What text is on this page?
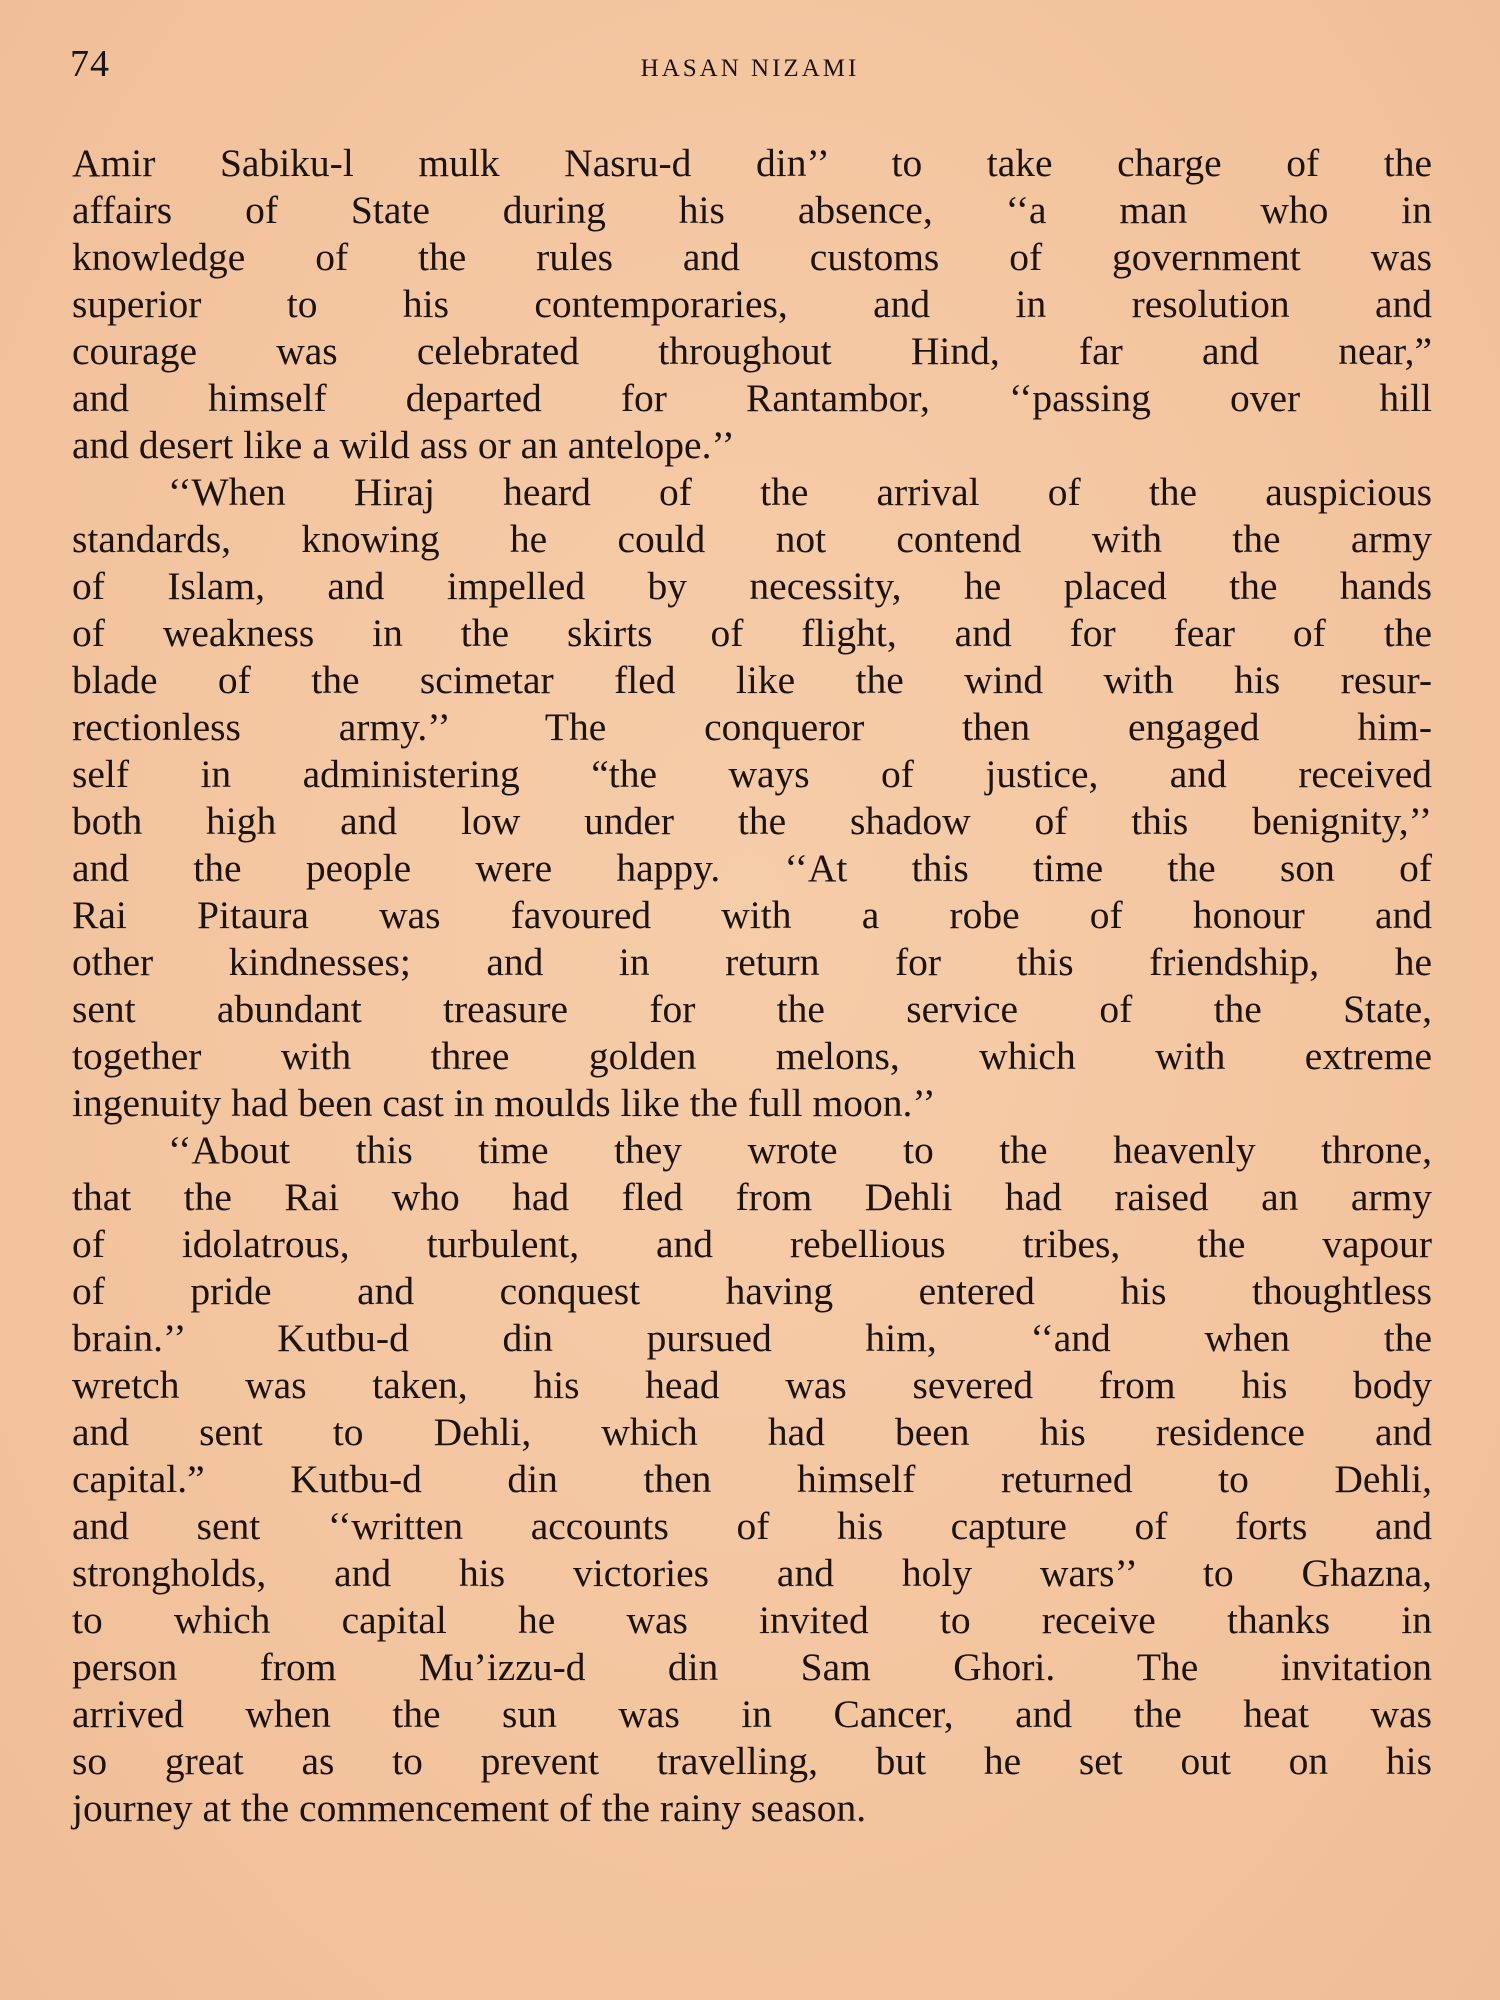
74	HASAN NIZAMI
Amir Sabiku-l mulk Nasru-d din’’ to take charge of the
affairs of State during his absence, ‘‘a man who in
knowledge of the rules and customs of government was
superior to his contemporaries, and in resolution and
courage was celebrated throughout Hind, far and near,”
and himself departed for Rantambor, ‘‘passing over hill
and desert like a wild ass or an antelope.’’
‘‘When Hiraj heard of the arrival of the auspicious
standards, knowing he could not contend with the army
of Islam, and impelled by necessity, he placed the hands
of weakness in the skirts of flight, and for fear of the
blade of the scimetar fled like the wind with his resur-
rectionless army.’’ The conqueror then engaged him-
self in administering “the ways of justice, and received
both high and low under the shadow of this benignity,’’
and the people were happy. ‘‘At this time the son of
Rai Pitaura was favoured with a robe of honour and
other kindnesses; and in return for this friendship, he
sent abundant treasure for the service of the State,
together with three golden melons, which with extreme
ingenuity had been cast in moulds like the full moon.’’
‘‘About this time they wrote to the heavenly throne,
that the Rai who had fled from Dehli had raised an army
of idolatrous, turbulent, and rebellious tribes, the vapour
of pride and conquest having entered his thoughtless
brain.’’ Kutbu-d din pursued him, ‘‘and when the
wretch was taken, his head was severed from his body
and sent to Dehli, which had been his residence and
capital.” Kutbu-d din then himself returned to Dehli,
and sent ‘‘written accounts of his capture of forts and
strongholds, and his victories and holy wars’’ to Ghazna,
to which capital he was invited to receive thanks in
person from Mu’izzu-d din Sam Ghori. The invitation
arrived when the sun was in Cancer, and the heat was
so great as to prevent travelling, but he set out on his
journey at the commencement of the rainy season.
